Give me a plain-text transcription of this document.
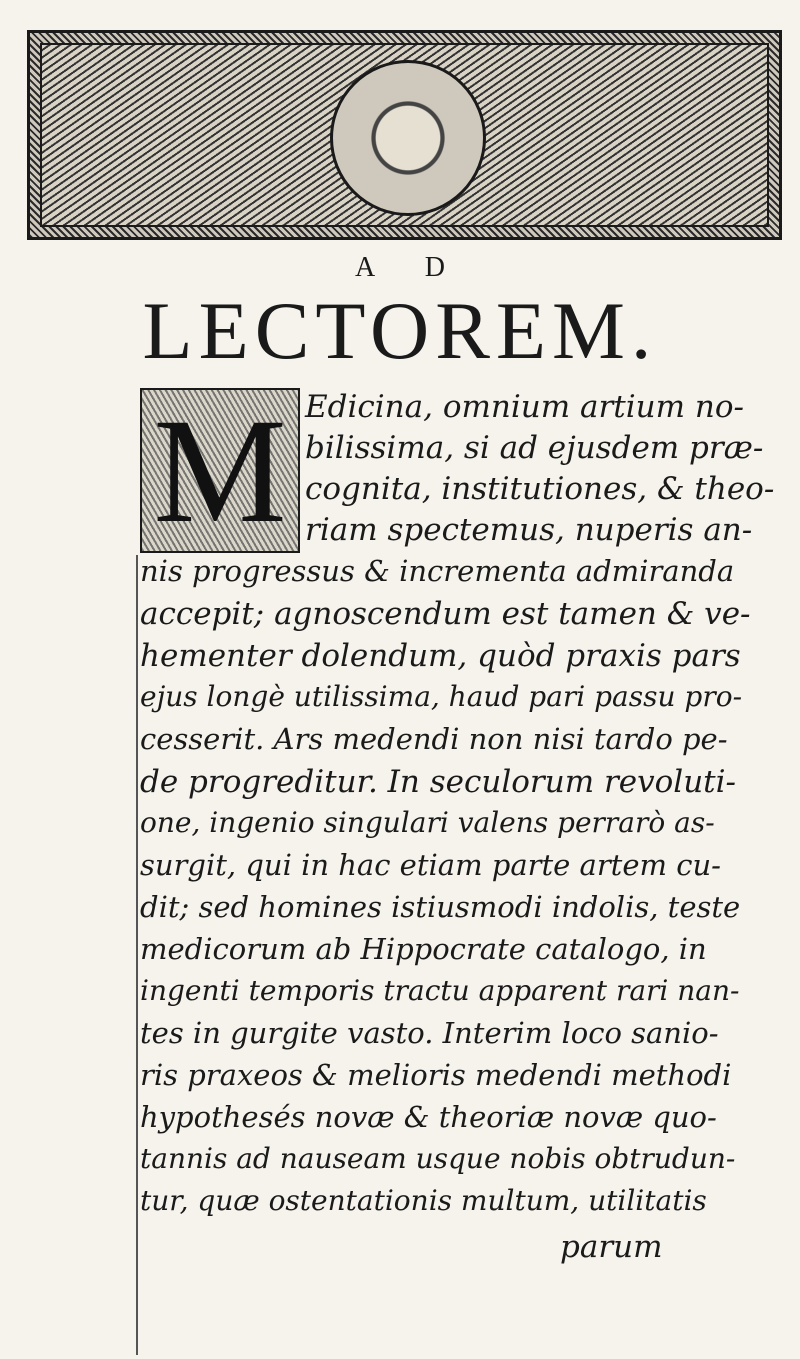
A D
LECTOREM.
M Edicina, omnium artium no-
bilissima, si ad ejusdem præ-
cognita, institutiones, & theo-
riam spectemus, nuperis an-
nis progressus & incrementa admiranda
accepit; agnoscendum est tamen & ve-
hementer dolendum, quòd praxis pars
ejus longè utilissima, haud pari passu pro-
cesserit. Ars medendi non nisi tardo pe-
de progreditur. In seculorum revoluti-
one, ingenio singulari valens perrarò as-
surgit, qui in hac etiam parte artem cu-
dit; sed homines istiusmodi indolis, teste
medicorum ab Hippocrate catalogo, in
ingenti temporis tractu apparent rari nan-
tes in gurgite vasto. Interim loco sanio-
ris praxeos & melioris medendi methodi
hypothesés novæ & theoriæ novæ quo-
tannis ad nauseam usque nobis obtrudun-
tur, quæ ostentationis multum, utilitatis
parum
